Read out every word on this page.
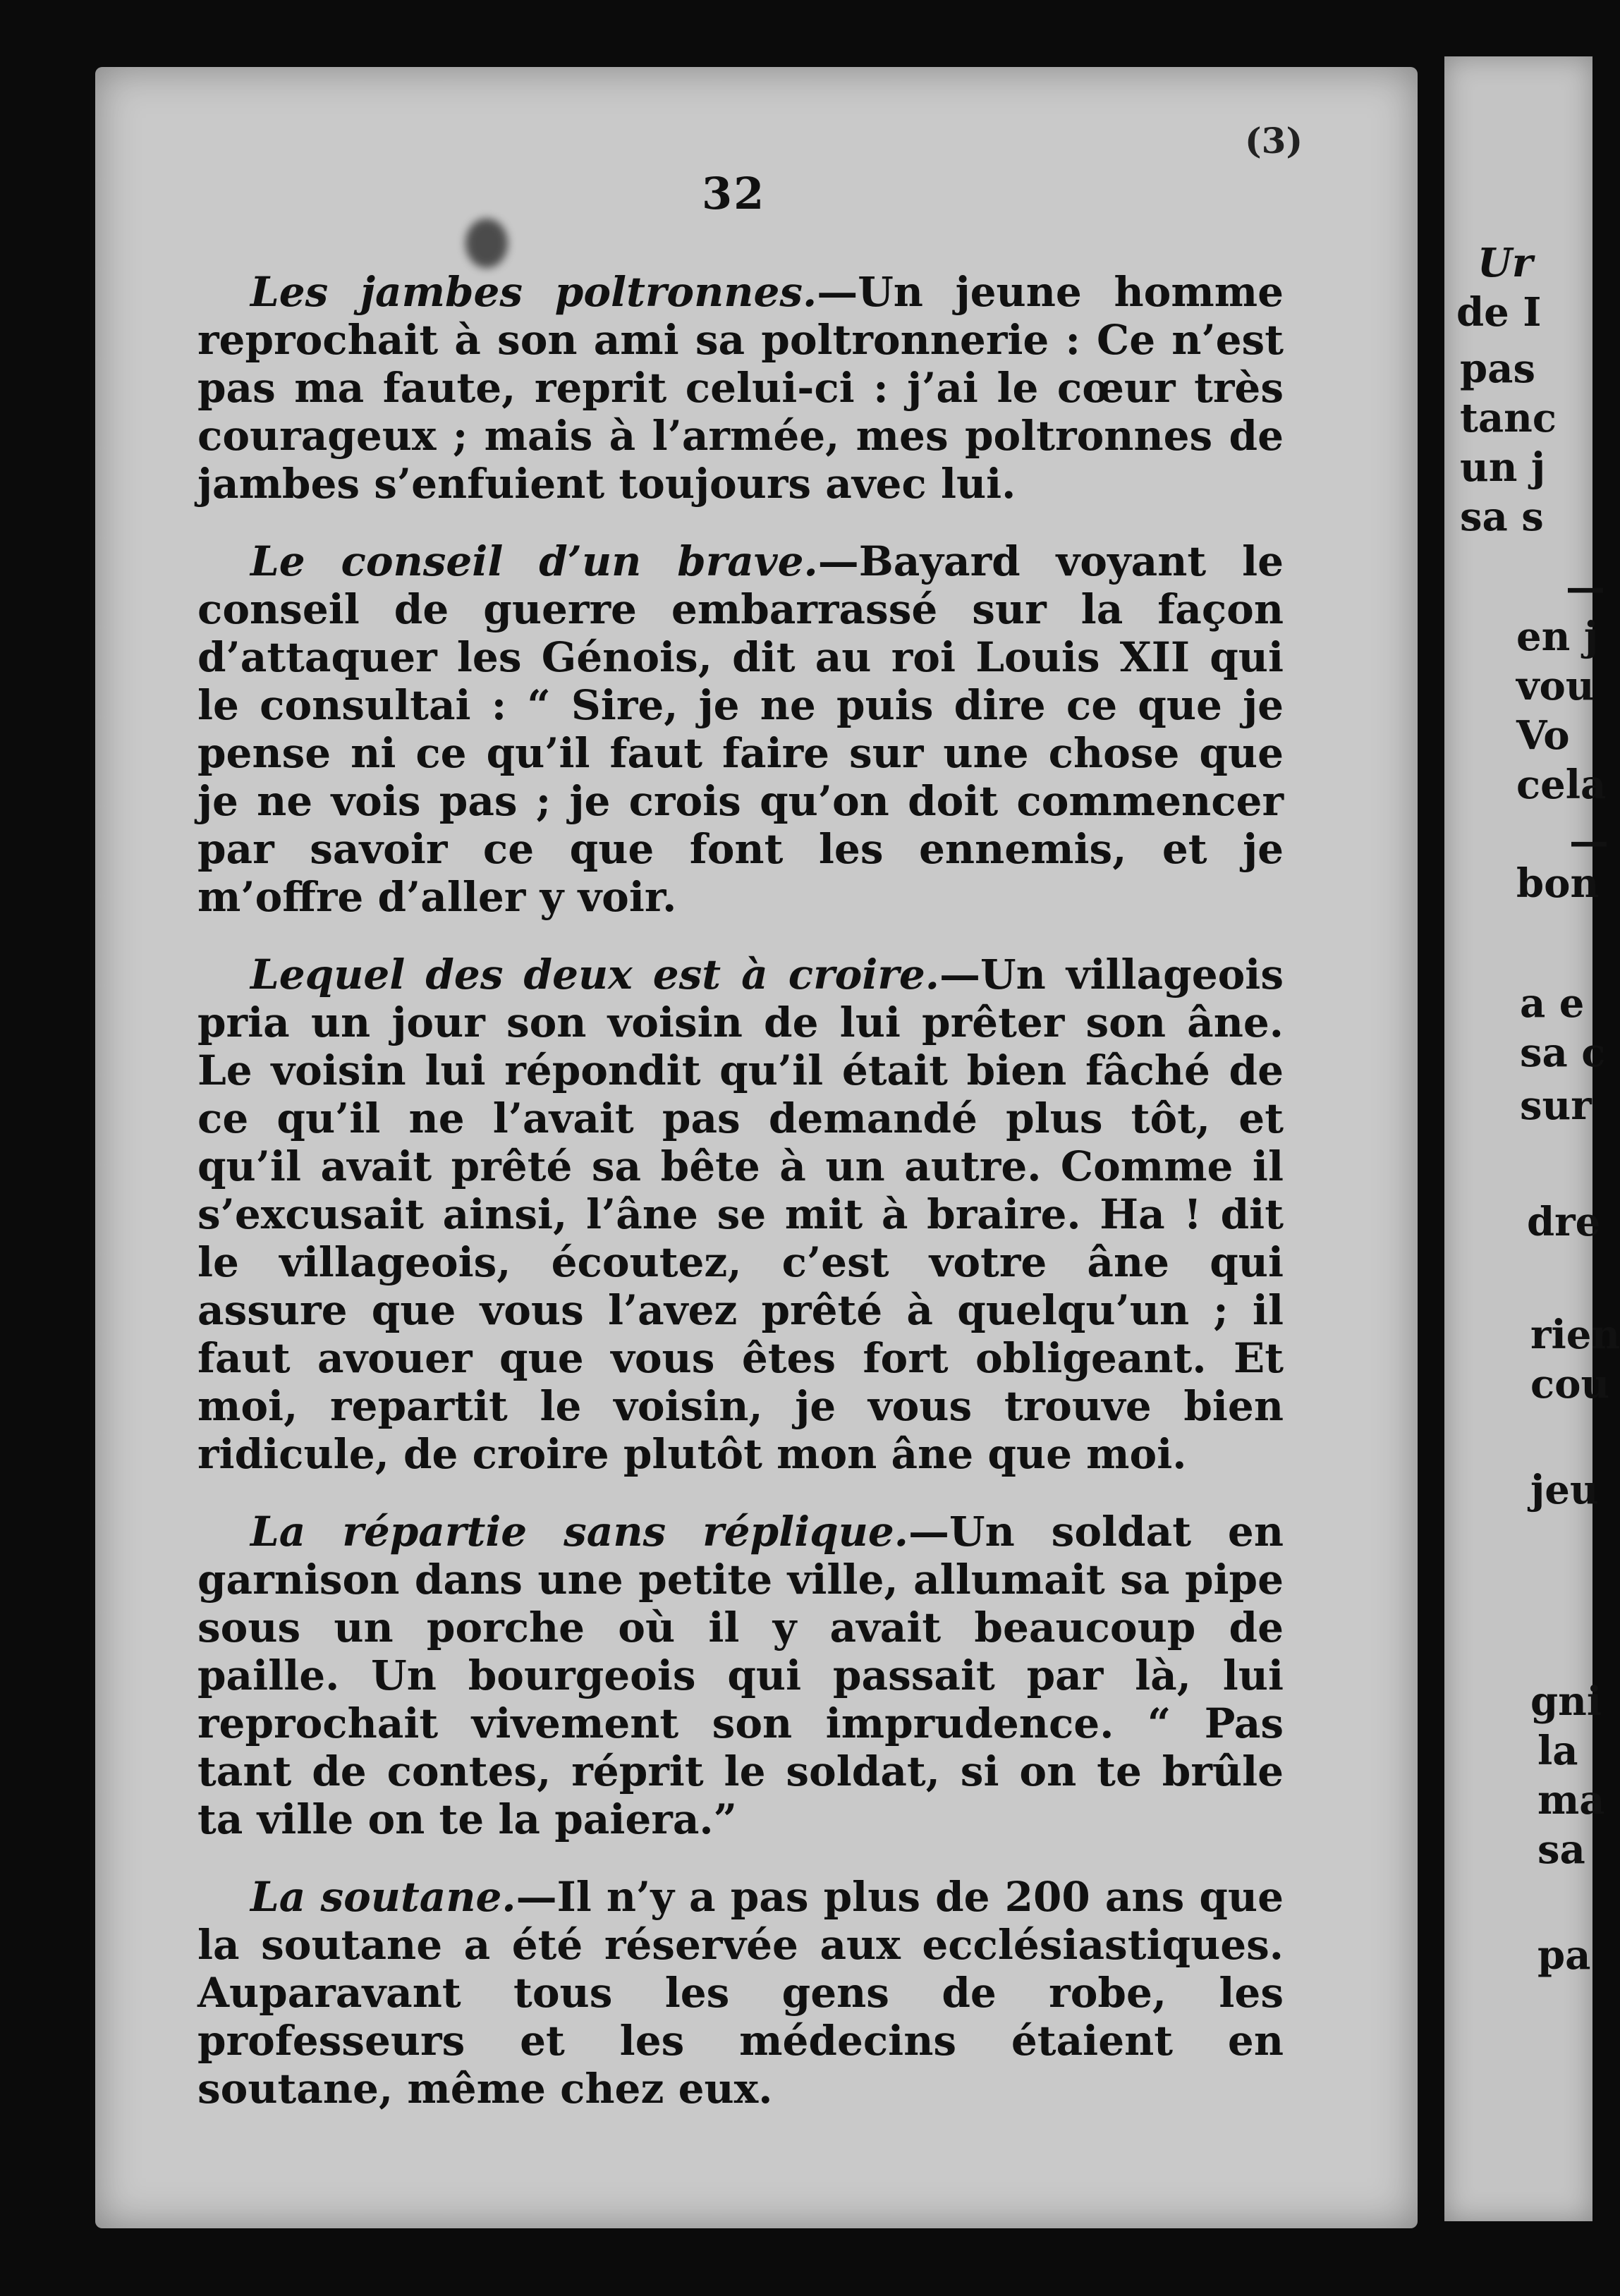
(3)
32

Les jambes poltronnes.—Un jeune homme reprochait à son ami sa poltronnerie : Ce n’est pas ma faute, reprit celui-ci : j’ai le cœur très courageux ; mais à l’armée, mes poltronnes de jambes s’enfuient toujours avec lui.

Le conseil d’un brave.—Bayard voyant le conseil de guerre embarrassé sur la façon d’attaquer les Génois, dit au roi Louis XII qui le consultai : “ Sire, je ne puis dire ce que je pense ni ce qu’il faut faire sur une chose que je ne vois pas ; je crois qu’on doit commencer par savoir ce que font les ennemis, et je m’offre d’aller y voir.

Lequel des deux est à croire.—Un villageois pria un jour son voisin de lui prêter son âne. Le voisin lui répondit qu’il était bien fâché de ce qu’il ne l’avait pas demandé plus tôt, et qu’il avait prêté sa bête à un autre. Comme il s’excusait ainsi, l’âne se mit à braire. Ha ! dit le villageois, écoutez, c’est votre âne qui assure que vous l’avez prêté à quelqu’un ; il faut avouer que vous êtes fort obligeant. Et moi, repartit le voisin, je vous trouve bien ridicule, de croire plutôt mon âne que moi.

La répartie sans réplique.—Un soldat en garnison dans une petite ville, allumait sa pipe sous un porche où il y avait beaucoup de paille. Un bourgeois qui passait par là, lui reprochait vivement son imprudence. “ Pas tant de contes, réprit le soldat, si on te brûle ta ville on te la paiera.”

La soutane.—Il n’y a pas plus de 200 ans que la soutane a été réservée aux ecclésiastiques. Auparavant tous les gens de robe, les professeurs et les médecins étaient en soutane, même chez eux.

Ur
de I
pas
tanc
un j
sa s
—
en j
vou
Vo
cela
—
bon
a e
sa c
sur
dre
rien
cou
jeu
gni
la
ma
sa
pa
